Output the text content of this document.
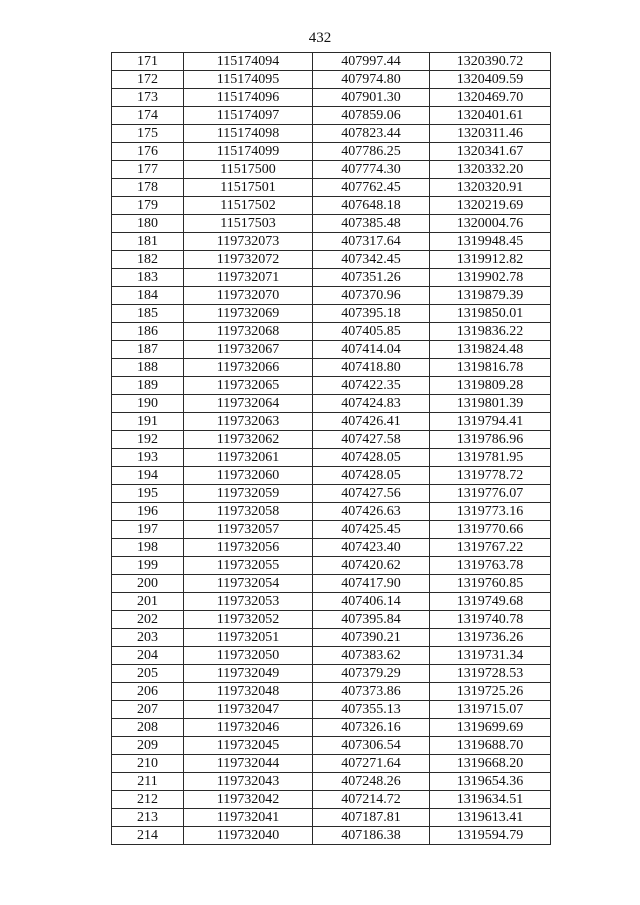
432
171	115174094	407997.44	1320390.72
172	115174095	407974.80	1320409.59
173	115174096	407901.30	1320469.70
174	115174097	407859.06	1320401.61
175	115174098	407823.44	1320311.46
176	115174099	407786.25	1320341.67
177	11517500	407774.30	1320332.20
178	11517501	407762.45	1320320.91
179	11517502	407648.18	1320219.69
180	11517503	407385.48	1320004.76
181	119732073	407317.64	1319948.45
182	119732072	407342.45	1319912.82
183	119732071	407351.26	1319902.78
184	119732070	407370.96	1319879.39
185	119732069	407395.18	1319850.01
186	119732068	407405.85	1319836.22
187	119732067	407414.04	1319824.48
188	119732066	407418.80	1319816.78
189	119732065	407422.35	1319809.28
190	119732064	407424.83	1319801.39
191	119732063	407426.41	1319794.41
192	119732062	407427.58	1319786.96
193	119732061	407428.05	1319781.95
194	119732060	407428.05	1319778.72
195	119732059	407427.56	1319776.07
196	119732058	407426.63	1319773.16
197	119732057	407425.45	1319770.66
198	119732056	407423.40	1319767.22
199	119732055	407420.62	1319763.78
200	119732054	407417.90	1319760.85
201	119732053	407406.14	1319749.68
202	119732052	407395.84	1319740.78
203	119732051	407390.21	1319736.26
204	119732050	407383.62	1319731.34
205	119732049	407379.29	1319728.53
206	119732048	407373.86	1319725.26
207	119732047	407355.13	1319715.07
208	119732046	407326.16	1319699.69
209	119732045	407306.54	1319688.70
210	119732044	407271.64	1319668.20
211	119732043	407248.26	1319654.36
212	119732042	407214.72	1319634.51
213	119732041	407187.81	1319613.41
214	119732040	407186.38	1319594.79
